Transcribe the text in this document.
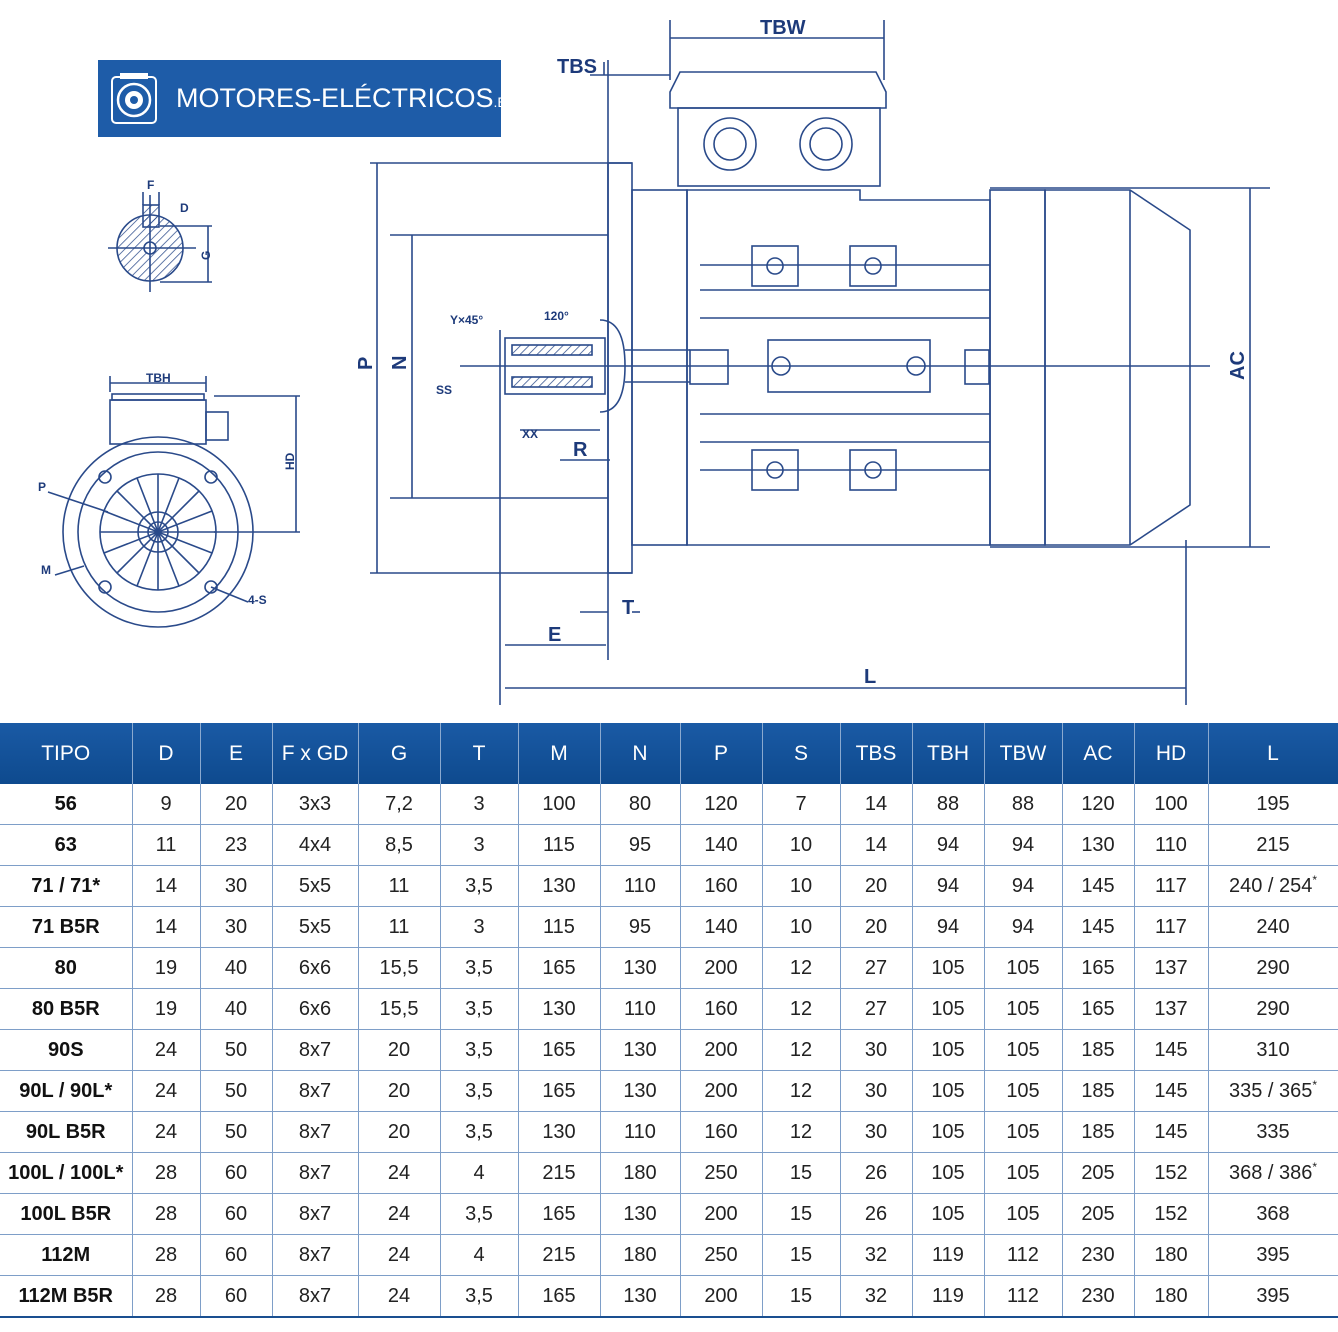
TBW
TBS
P N	AC
R
T
E
L
F
D
G
TBH
HD
P
M
4-S
Y×45°	120°
SS
XX
MOTORES-ELÉCTRICOS.ES
TIPO	D	E	F x GD	G	T	M	N	P	S	TBS	TBH	TBW	AC	HD	L
56	9	20	3x3	7,2	3	100	80	120	7	14	88	88	120	100	195
63	11	23	4x4	8,5	3	115	95	140	10	14	94	94	130	110	215
71 / 71*	14	30	5x5	11	3,5	130	110	160	10	20	94	94	145	117	240 / 254*
71 B5R	14	30	5x5	11	3	115	95	140	10	20	94	94	145	117	240
80	19	40	6x6	15,5	3,5	165	130	200	12	27	105	105	165	137	290
80 B5R	19	40	6x6	15,5	3,5	130	110	160	12	27	105	105	165	137	290
90S	24	50	8x7	20	3,5	165	130	200	12	30	105	105	185	145	310
90L / 90L*	24	50	8x7	20	3,5	165	130	200	12	30	105	105	185	145	335 / 365*
90L B5R	24	50	8x7	20	3,5	130	110	160	12	30	105	105	185	145	335
100L / 100L*	28	60	8x7	24	4	215	180	250	15	26	105	105	205	152	368 / 386*
100L B5R	28	60	8x7	24	3,5	165	130	200	15	26	105	105	205	152	368
112M	28	60	8x7	24	4	215	180	250	15	32	119	112	230	180	395
112M B5R	28	60	8x7	24	3,5	165	130	200	15	32	119	112	230	180	395
